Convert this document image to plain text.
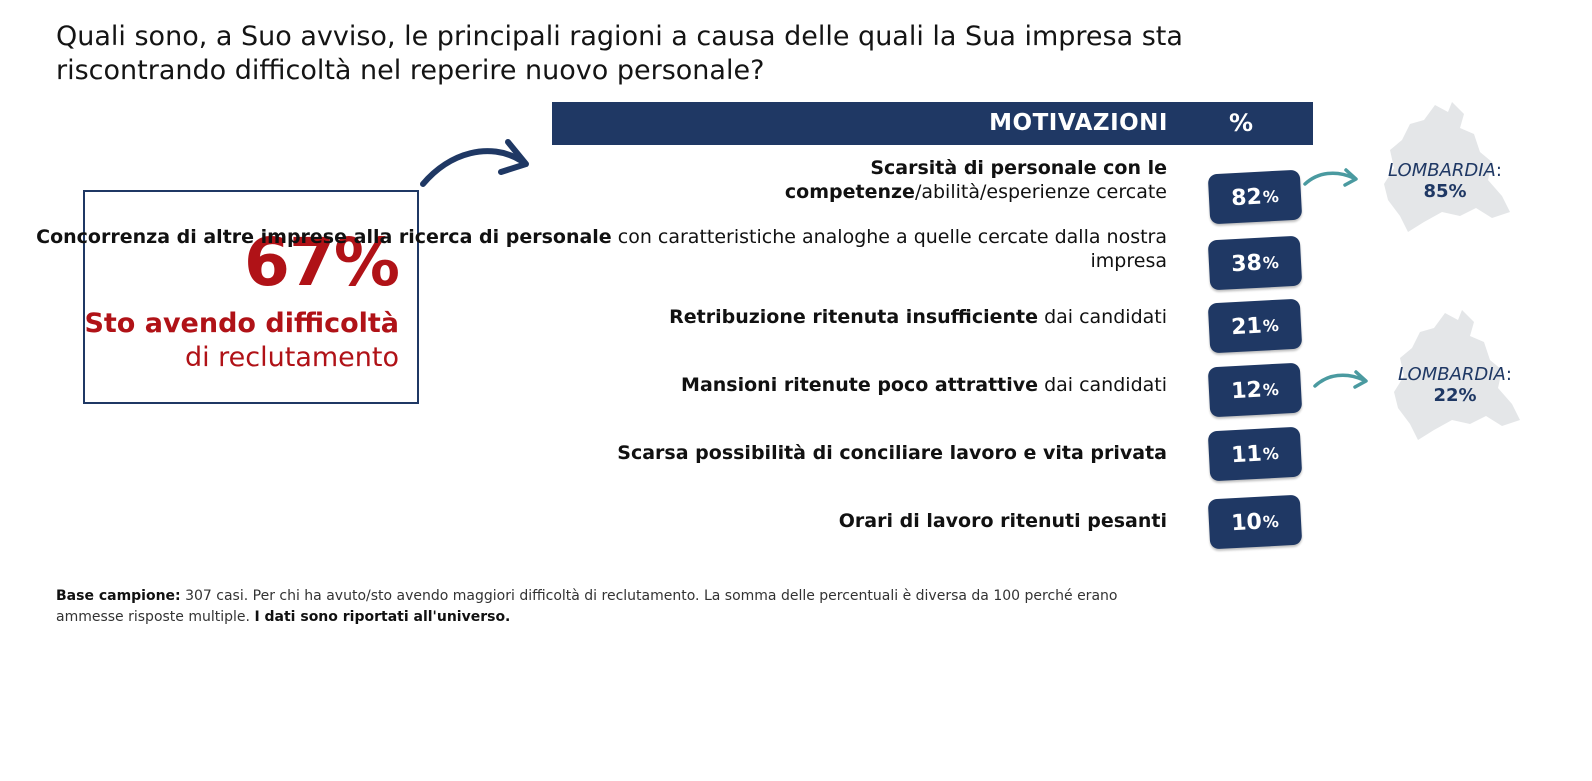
Quali sono, a Suo avviso, le principali ragioni a causa delle quali la Sua impresa sta riscontrando difficoltà nel reperire nuovo personale?
67%
Sto avendo difficoltà
di reclutamento
MOTIVAZIONI	%
Scarsità di personale con le competenze/abilità/esperienze cercate	82 %
Concorrenza di altre imprese alla ricerca di personale con caratteristiche analoghe a quelle cercate dalla nostra impresa	38 %
Retribuzione ritenuta insufficiente dai candidati	21 %
Mansioni ritenute poco attrattive dai candidati	12 %
Scarsa possibilità di conciliare lavoro e vita privata	11 %
Orari di lavoro ritenuti pesanti	10 %
LOMBARDIA:
85%
LOMBARDIA:
22%
Base campione: 307 casi. Per chi ha avuto/sto avendo maggiori difficoltà di reclutamento. La somma delle percentuali è diversa da 100 perché erano ammesse risposte multiple. I dati sono riportati all'universo.
